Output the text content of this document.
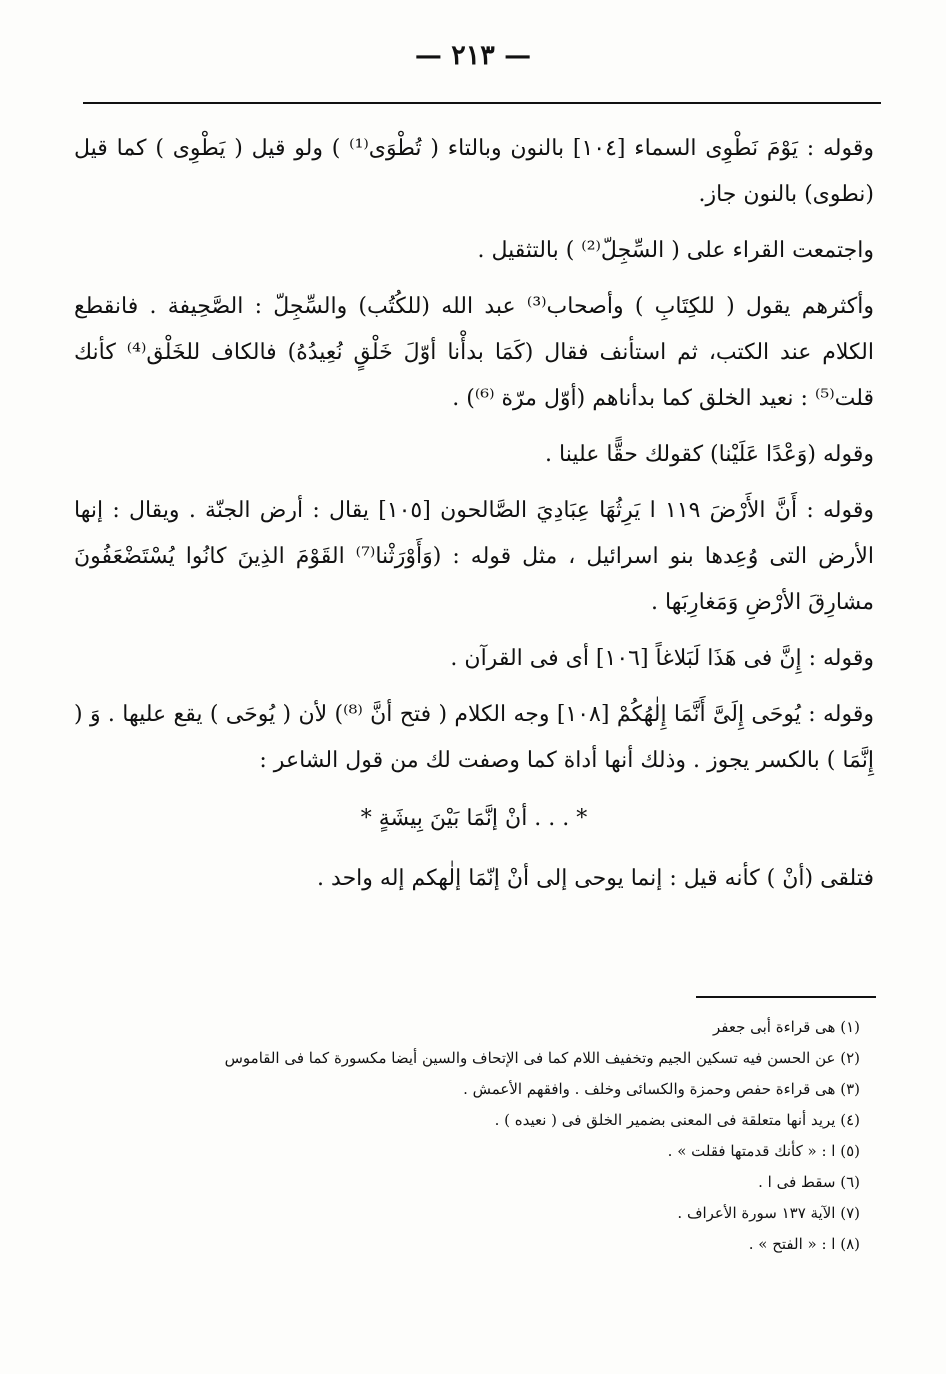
— ٢١٣ —

وقوله : يَوْمَ نَطْوِى السماء [١٠٤] بالنون وبالتاء ( تُطْوَى⁽¹⁾ ) ولو قيل ( يَطْوِى ) كما قيل (نطوى) بالنون جاز.

واجتمعت القراء على ( السِّجِلّ⁽²⁾ ) بالتثقيل .

وأكثرهم يقول ( للكِتَابِ ) وأصحاب⁽³⁾ عبد الله (للكُتُب) والسِّجِلّ : الصَّحِيفة . فانقطع الكلام عند الكتب، ثم استأنف فقال (كَمَا بدأْنا أوّلَ خَلْقٍ نُعِيدُهُ) فالكاف للخَلْق⁽⁴⁾ كأنك قلت⁽⁵⁾ : نعيد الخلق كما بدأناهم (أوّل مرّة ⁽⁶⁾) .

وقوله (وَعْدًا عَلَيْنا) كقولك حقًّا علينا .

وقوله : أَنَّ الأَرْضَ ١١٩ ا يَرِثُهَا عِبَادِيَ الصَّالحون [١٠٥] يقال : أرض الجنّة . ويقال : إنها الأرض التى وُعِدها بنو اسرائيل ، مثل قوله : (وَأَوْرَثْنا⁽⁷⁾ القَوْمَ الذِينَ كانُوا يُسْتَضْعَفُونَ مشارِقَ الأرْضِ وَمَغارِبَها .

وقوله : إِنَّ فى هَذَا لَبَلاغاً [١٠٦] أى فى القرآن .

وقوله : يُوحَى إِلَىَّ أَنَّمَا إِلٰهُكُمْ [١٠٨] وجه الكلام ( فتح أنَّ ⁽⁸⁾) لأن ( يُوحَى ) يقع عليها . وَ ( إِنَّمَا ) بالكسر يجوز . وذلك أنها أداة كما وصفت لك من قول الشاعر :

* . . . أنْ إنَّمَا بَيْنَ بِيشَةٍ *

فتلقى (أنْ ) كأنه قيل : إنما يوحى إلى أنْ إنّمَا إلٰهكم إله واحد .

(١) هى قراءة أبى جعفر
(٢) عن الحسن فيه تسكين الجيم وتخفيف اللام كما فى الإتحاف والسين أيضا مكسورة كما فى القاموس
(٣) هى قراءة حفص وحمزة والكسائى وخلف . وافقهم الأعمش .
(٤) يريد أنها متعلقة فى المعنى بضمير الخلق فى ( نعيده ) .
(٥) ا : « كأنك قدمتها فقلت » .
(٦) سقط فى ا .
(٧) الآية ١٣٧ سورة الأعراف .
(٨) ا : « الفتح » .
